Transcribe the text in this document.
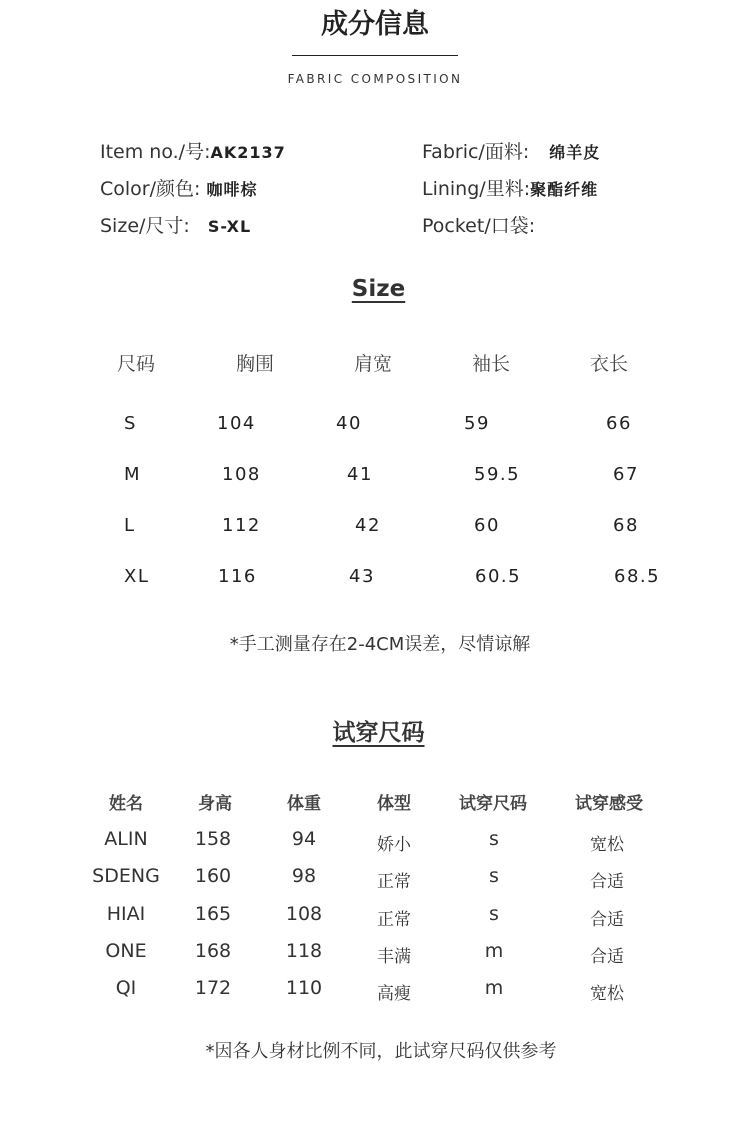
成分信息
FABRIC COMPOSITION
Item no./号:AK2137
Color/颜色: 咖啡棕
Size/尺寸: S-XL
Fabric/面料: 绵羊皮
Lining/里料:聚酯纤维
Pocket/口袋:
Size
尺码	胸围	肩宽	袖长	衣长
S	104	40	59	66
M	108	41	59.5	67
L	112	42	60	68
XL	116	43	60.5	68.5
*手工测量存在2-4CM误差，尽情谅解
试穿尺码
姓名	身高	体重	体型	试穿尺码	试穿感受
ALIN 158	94	娇小	s	宽松
SDENG 160	98	正常	s	合适
HIAI	165	108	正常	s	合适
ONE	168	118	丰满	m	合适
QI	172	110	高瘦	m	宽松
*因各人身材比例不同，此试穿尺码仅供参考
